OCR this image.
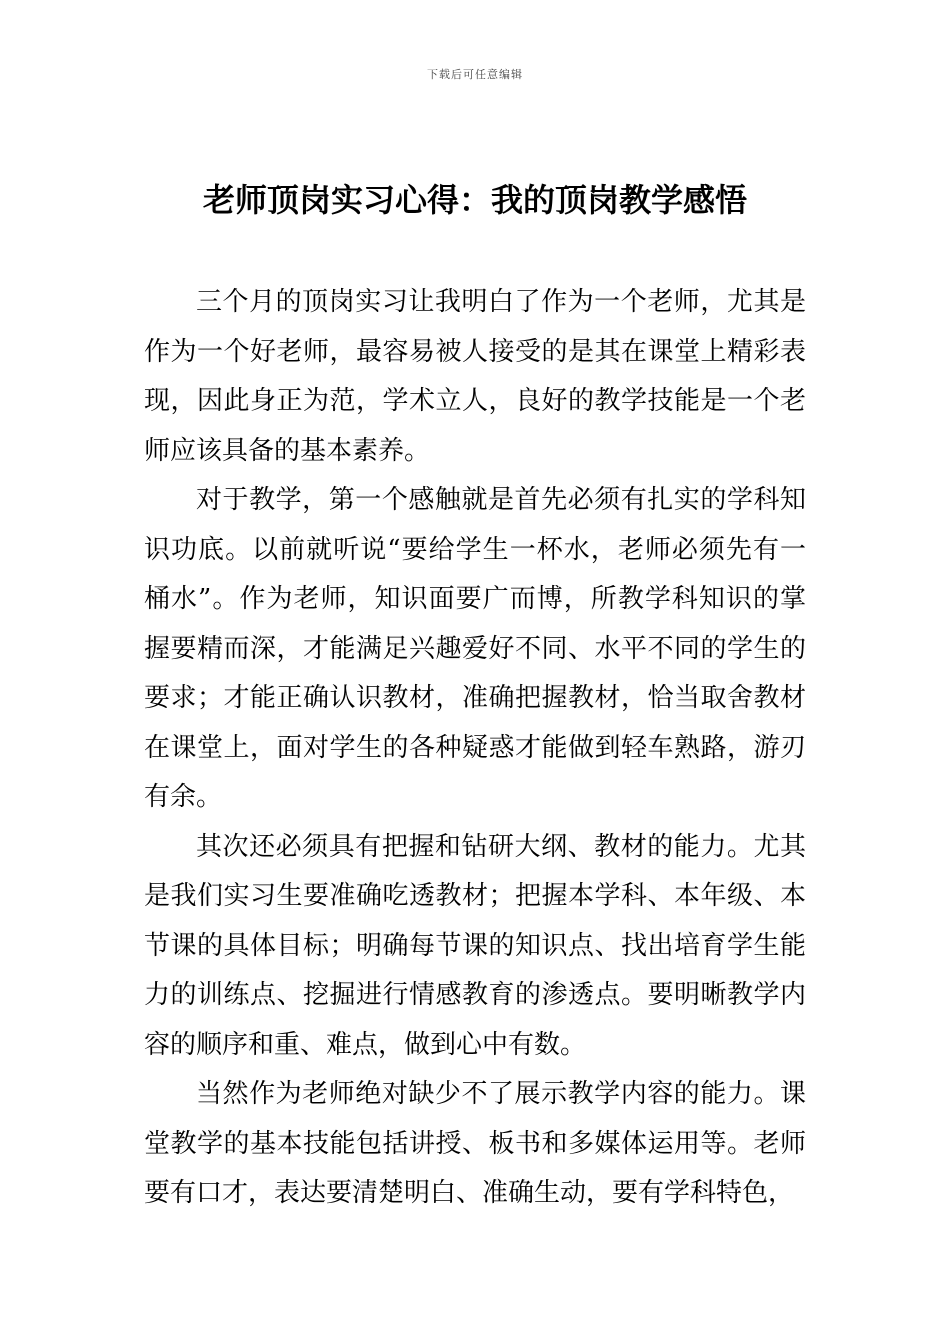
下载后可任意编辑
老师顶岗实习心得：我的顶岗教学感悟

三个月的顶岗实习让我明白了作为一个老师，尤其是作为一个好老师，最容易被人接受的是其在课堂上精彩表现，因此身正为范，学术立人，良好的教学技能是一个老师应该具备的基本素养。

对于教学，第一个感触就是首先必须有扎实的学科知识功底。以前就听说“要给学生一杯水，老师必须先有一桶水”。作为老师，知识面要广而博，所教学科知识的掌握要精而深，才能满足兴趣爱好不同、水平不同的学生的要求；才能正确认识教材，准确把握教材，恰当取舍教材在课堂上，面对学生的各种疑惑才能做到轻车熟路，游刃有余。

其次还必须具有把握和钻研大纲、教材的能力。尤其是我们实习生要准确吃透教材；把握本学科、本年级、本节课的具体目标；明确每节课的知识点、找出培育学生能力的训练点、挖掘进行情感教育的渗透点。要明晰教学内容的顺序和重、难点，做到心中有数。

当然作为老师绝对缺少不了展示教学内容的能力。课堂教学的基本技能包括讲授、板书和多媒体运用等。老师要有口才，表达要清楚明白、准确生动，要有学科特色，
